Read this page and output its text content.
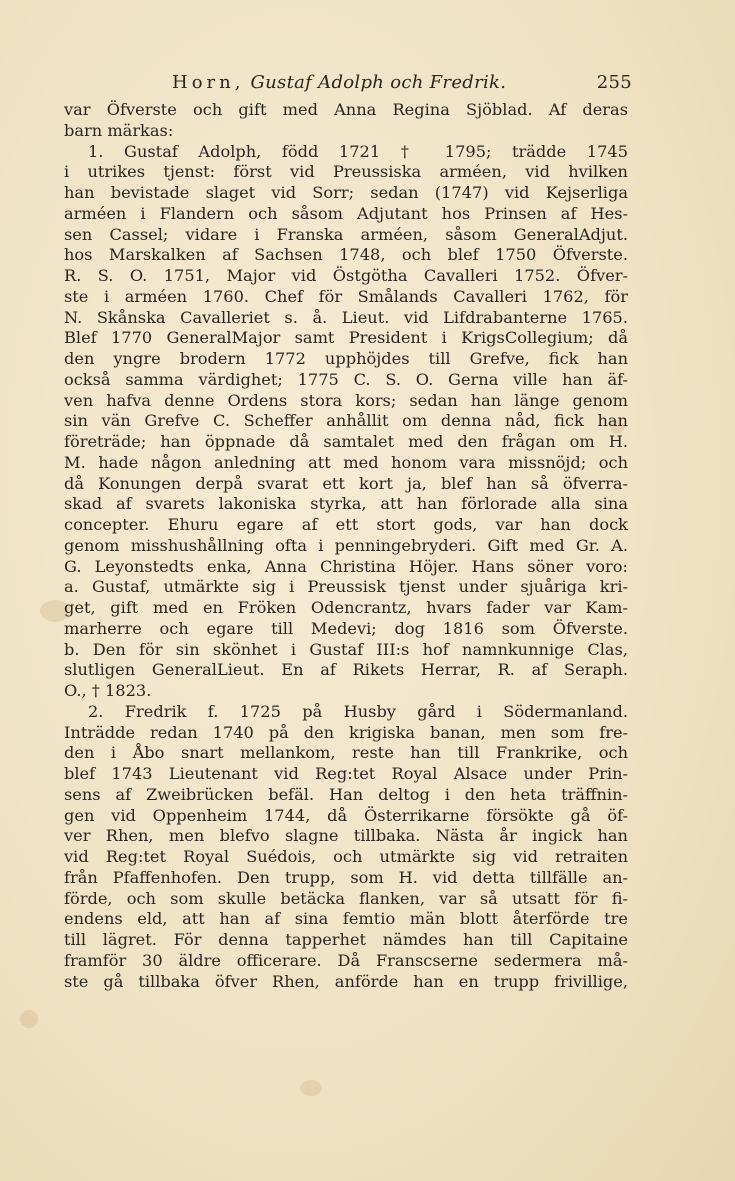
Horn, Gustaf Adolph och Fredrik.	255
var Öfverste och gift med Anna Regina Sjöblad. Af deras
barn märkas:
1. Gustaf Adolph, född 1721 † 1795; trädde 1745
i utrikes tjenst: först vid Preussiska arméen, vid hvilken
han bevistade slaget vid Sorr; sedan (1747) vid Kejserliga
arméen i Flandern och såsom Adjutant hos Prinsen af Hes-
sen Cassel; vidare i Franska arméen, såsom GeneralAdjut.
hos Marskalken af Sachsen 1748, och blef 1750 Öfverste.
R. S. O. 1751, Major vid Östgötha Cavalleri 1752. Öfver-
ste i arméen 1760. Chef för Smålands Cavalleri 1762, för
N. Skånska Cavalleriet s. å. Lieut. vid Lifdrabanterne 1765.
Blef 1770 GeneralMajor samt President i KrigsCollegium; då
den yngre brodern 1772 upphöjdes till Grefve, fick han
också samma värdighet; 1775 C. S. O. Gerna ville han äf-
ven hafva denne Ordens stora kors; sedan han länge genom
sin vän Grefve C. Scheffer anhållit om denna nåd, fick han
företräde; han öppnade då samtalet med den frågan om H.
M. hade någon anledning att med honom vara missnöjd; och
då Konungen derpå svarat ett kort ja, blef han så öfverra-
skad af svarets lakoniska styrka, att han förlorade alla sina
concepter. Ehuru egare af ett stort gods, var han dock
genom misshushållning ofta i penningebryderi. Gift med Gr. A.
G. Leyonstedts enka, Anna Christina Höjer. Hans söner voro:
a. Gustaf, utmärkte sig i Preussisk tjenst under sjuåriga kri-
get, gift med en Fröken Odencrantz, hvars fader var Kam-
marherre och egare till Medevi; dog 1816 som Öfverste.
b. Den för sin skönhet i Gustaf III:s hof namnkunnige Clas,
slutligen GeneralLieut. En af Rikets Herrar, R. af Seraph.
O., † 1823.
2. Fredrik f. 1725 på Husby gård i Södermanland.
Inträdde redan 1740 på den krigiska banan, men som fre-
den i Åbo snart mellankom, reste han till Frankrike, och
blef 1743 Lieutenant vid Reg:tet Royal Alsace under Prin-
sens af Zweibrücken befäl. Han deltog i den heta träffnin-
gen vid Oppenheim 1744, då Österrikarne försökte gå öf-
ver Rhen, men blefvo slagne tillbaka. Nästa år ingick han
vid Reg:tet Royal Suédois, och utmärkte sig vid retraiten
från Pfaffenhofen. Den trupp, som H. vid detta tillfälle an-
förde, och som skulle betäcka flanken, var så utsatt för fi-
endens eld, att han af sina femtio män blott återförde tre
till lägret. För denna tapperhet nämdes han till Capitaine
framför 30 äldre officerare. Då Franscserne sedermera må-
ste gå tillbaka öfver Rhen, anförde han en trupp frivillige,
